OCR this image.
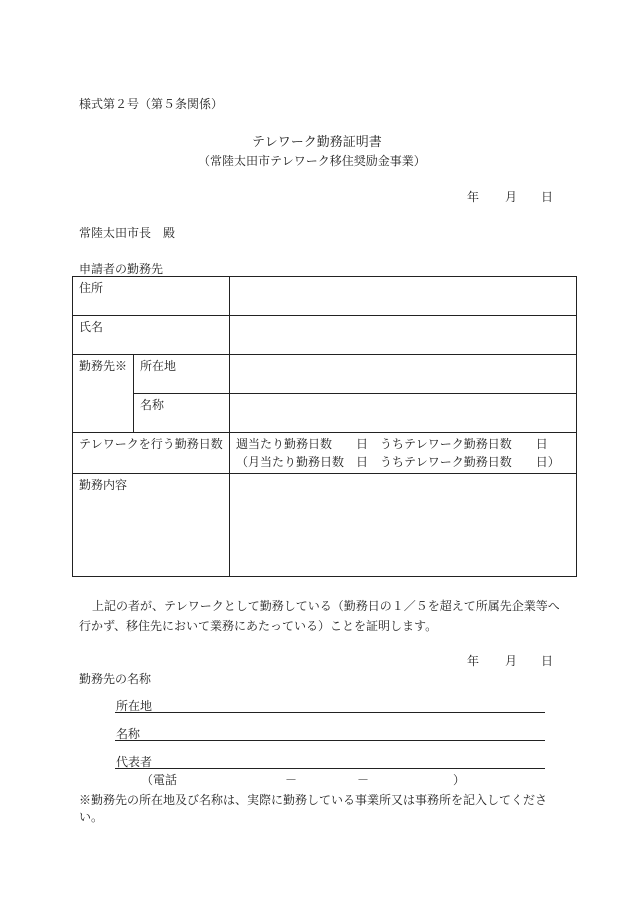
様式第２号（第５条関係）
テレワーク勤務証明書
（常陸太田市テレワーク移住奨励金事業）
年 月 日
常陸太田市長　殿
申請者の勤務先
住所		
氏名		
勤務先※	所在地	
	名称	
テレワークを行う勤務日数		週当たり勤務日数　　日　うちテレワーク勤務日数　　日
（月当たり勤務日数　日　うちテレワーク勤務日数　　日）

勤務内容		
上記の者が、テレワークとして勤務している（勤務日の１／５を超えて所属先企業等へ
行かず、移住先において業務にあたっている）ことを証明します。
年 月 日
勤務先の名称
所在地
名称
代表者
（電話　　　　　　　　　－　　　　　－　　　　　　　）
※勤務先の所在地及び名称は、実際に勤務している事業所又は事務所を記入してくださ
い。
